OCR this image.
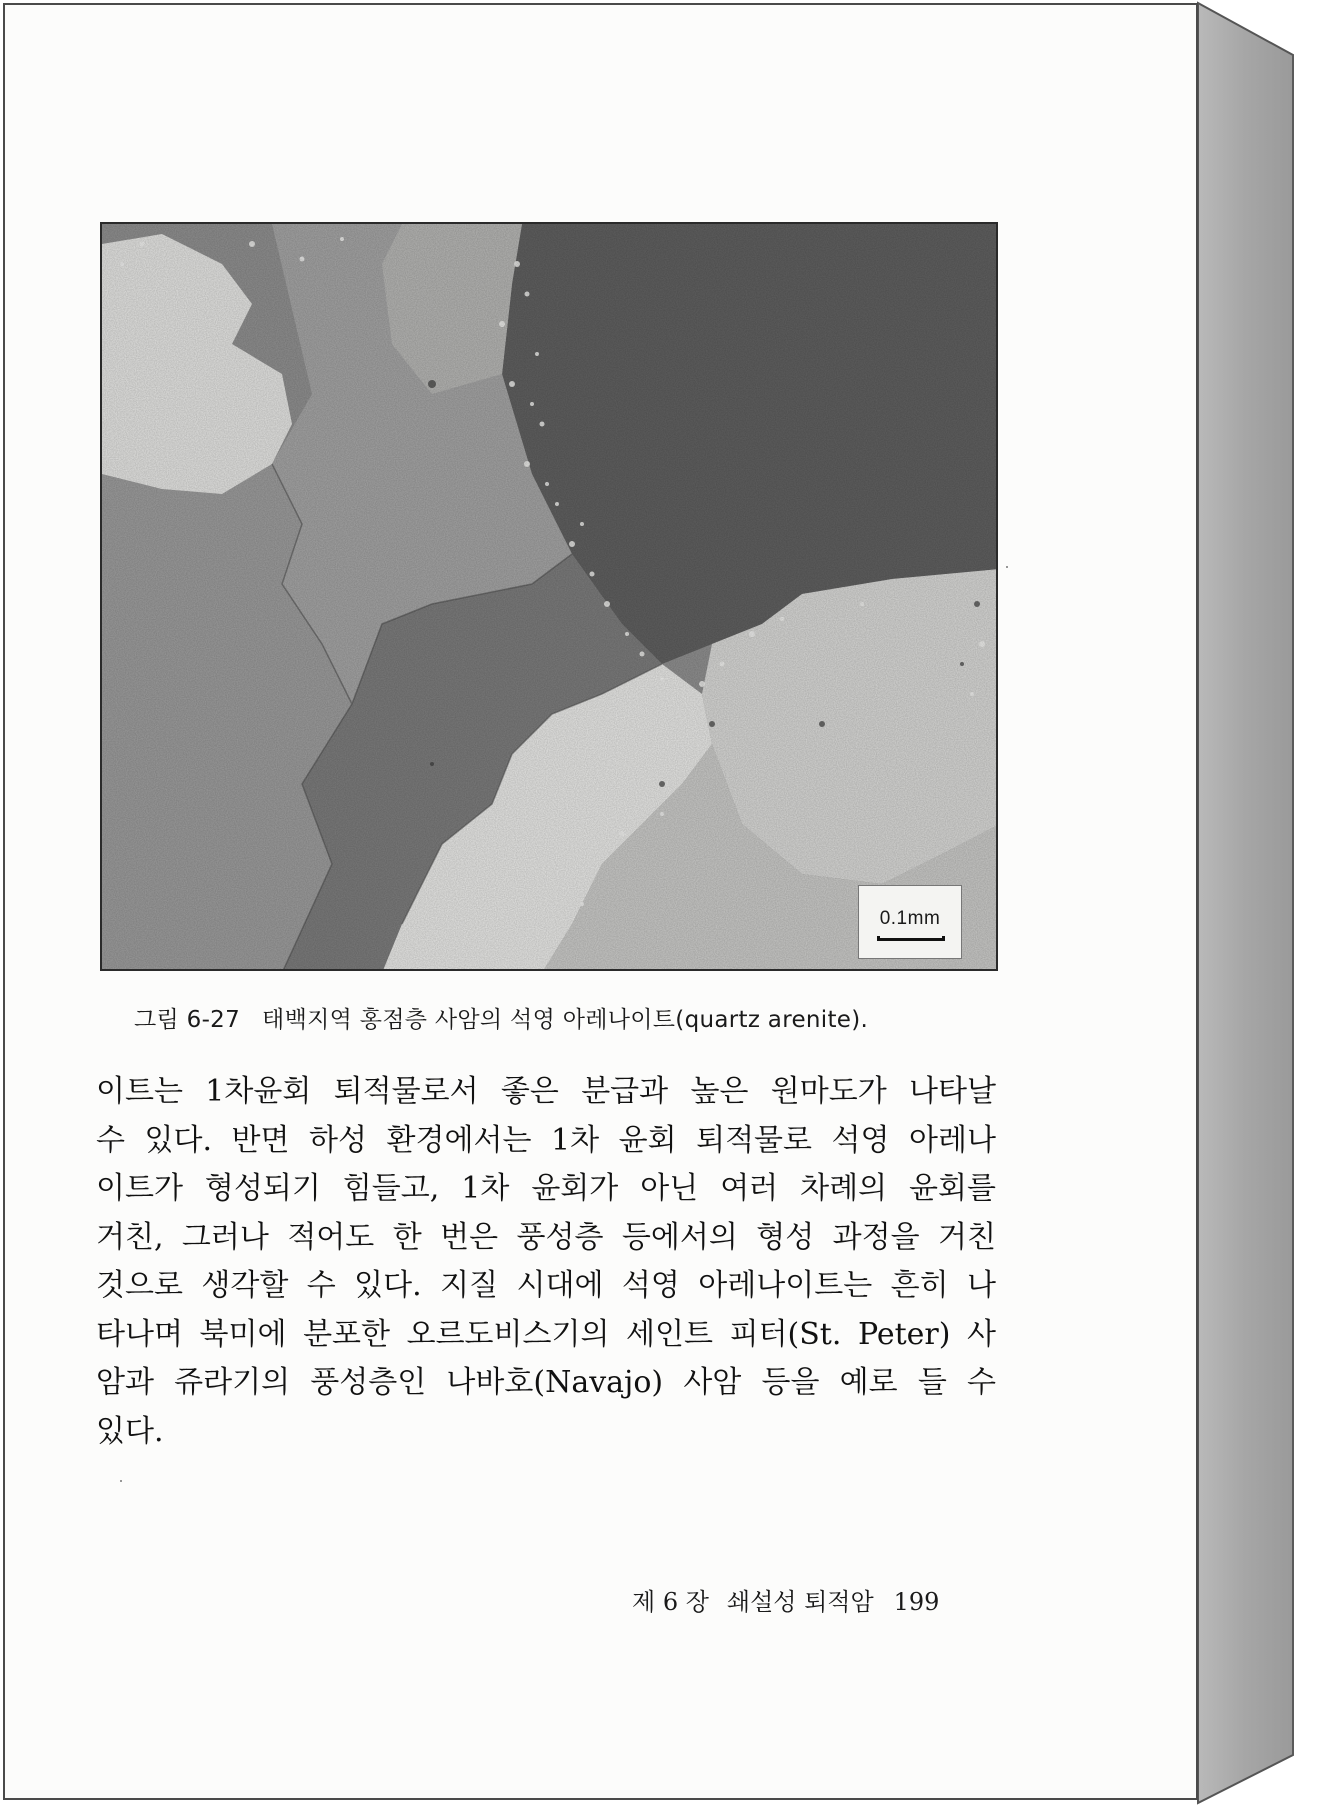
0.1mm
그림 6-27 태백지역 홍점층 사암의 석영 아레나이트(quartz arenite).
이트는 1차윤회 퇴적물로서 좋은 분급과 높은 원마도가 나타날
수 있다. 반면 하성 환경에서는 1차 윤회 퇴적물로 석영 아레나
이트가 형성되기 힘들고, 1차 윤회가 아닌 여러 차례의 윤회를
거친, 그러나 적어도 한 번은 풍성층 등에서의 형성 과정을 거친
것으로 생각할 수 있다. 지질 시대에 석영 아레나이트는 흔히 나
타나며 북미에 분포한 오르도비스기의 세인트 피터(St. Peter) 사
암과 쥬라기의 풍성층인 나바호(Navajo) 사암 등을 예로 들 수
있다.
제 6 장 쇄설성 퇴적암 199
